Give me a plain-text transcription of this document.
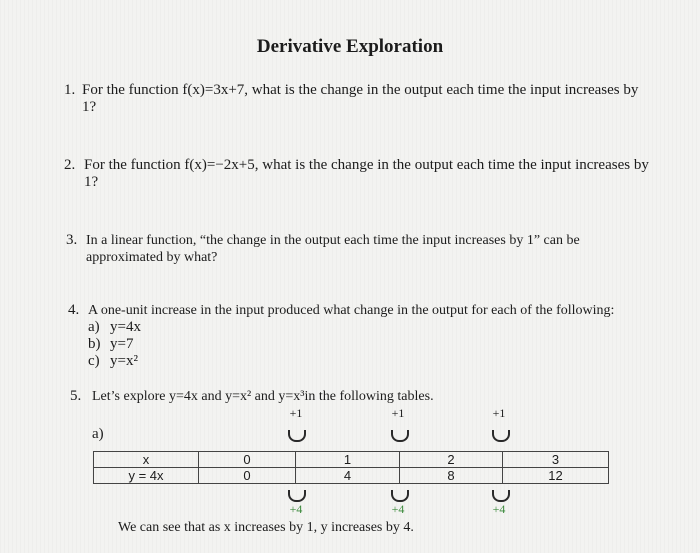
Derivative Exploration
1. For the function f(x)=3x+7, what is the change in the output each time the input increases by
1?
2. For the function f(x)=−2x+5, what is the change in the output each time the input increases by
1?
3. In a linear function, “the change in the output each time the input increases by 1” can be
approximated by what?
4. A one-unit increase in the input produced what change in the output for each of the following:
a) y=4x
b) y=7
c) y=x²
5. Let’s explore y=4x and y=x² and y=x³in the following tables.
a)
+1	+1	+1
x	0	1	2	3
y = 4x	0	4	8	12
+4	+4	+4
We can see that as x increases by 1, y increases by 4.
